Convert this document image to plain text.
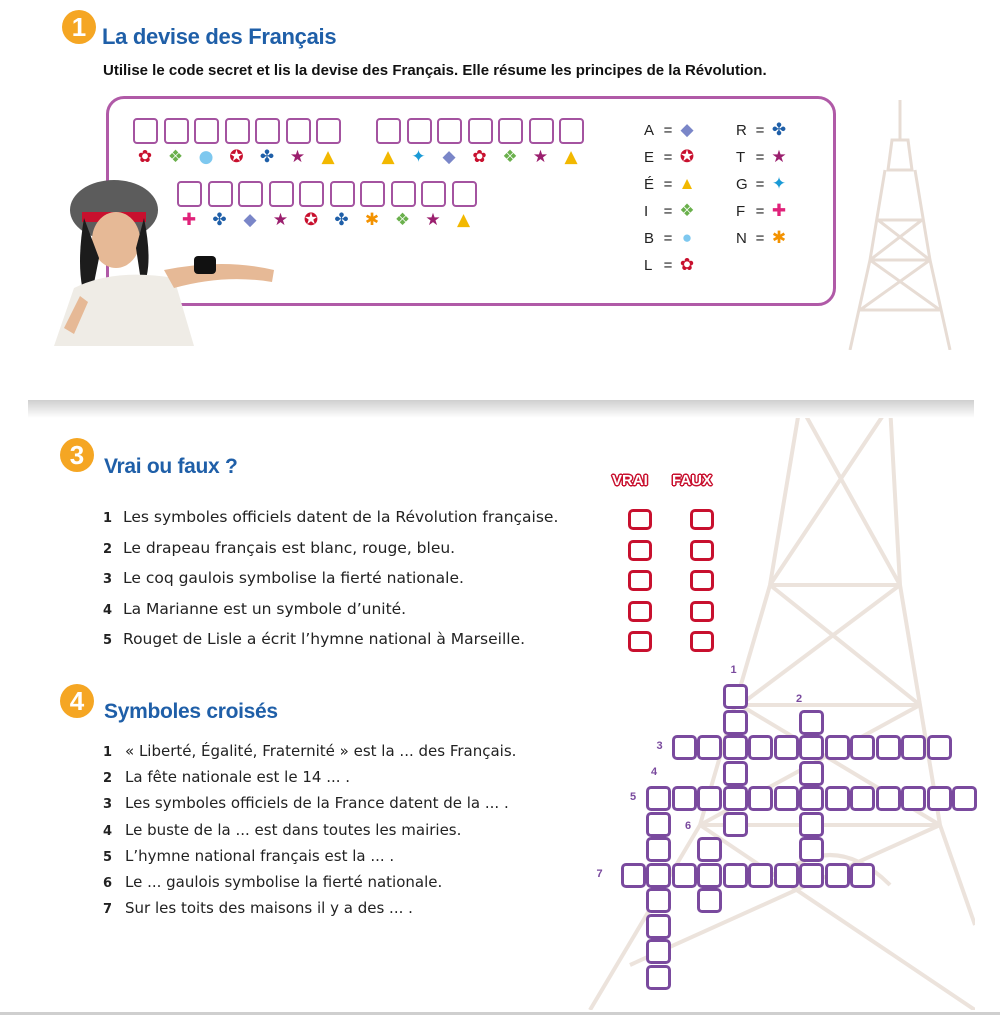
1 La devise des Français
Utilise le code secret et lis la devise des Français. Elle résume les principes de la Révolution.
✿ ❖ ● ✪ ✤ ★ ▲	▲ ✦ ◆ ✿ ❖ ★ ▲
✚ ✤ ◆ ★ ✪ ✤ ✱ ❖ ★ ▲
A = ◆
E = ✪
É = ▲
I = ❖
B = ●
L = ✿
R = ✤
T = ★
G = ✦
F = ✚
N = ✱
3 Vrai ou faux ?
VRAI FAUX
1 Les symboles officiels datent de la Révolution française.
2 Le drapeau français est blanc, rouge, bleu.
3 Le coq gaulois symbolise la fierté nationale.
4 La Marianne est un symbole d’unité.
5 Rouget de Lisle a écrit l’hymne national à Marseille.
4 Symboles croisés
1 « Liberté, Égalité, Fraternité » est la ... des Français.
2 La fête nationale est le 14 ... .
3 Les symboles officiels de la France datent de la ... .
4 Le buste de la ... est dans toutes les mairies.
5 L’hymne national français est la ... .
6 Le ... gaulois symbolise la fierté nationale.
7 Sur les toits des maisons il y a des ... .
1
2
3
4
5
6
7
